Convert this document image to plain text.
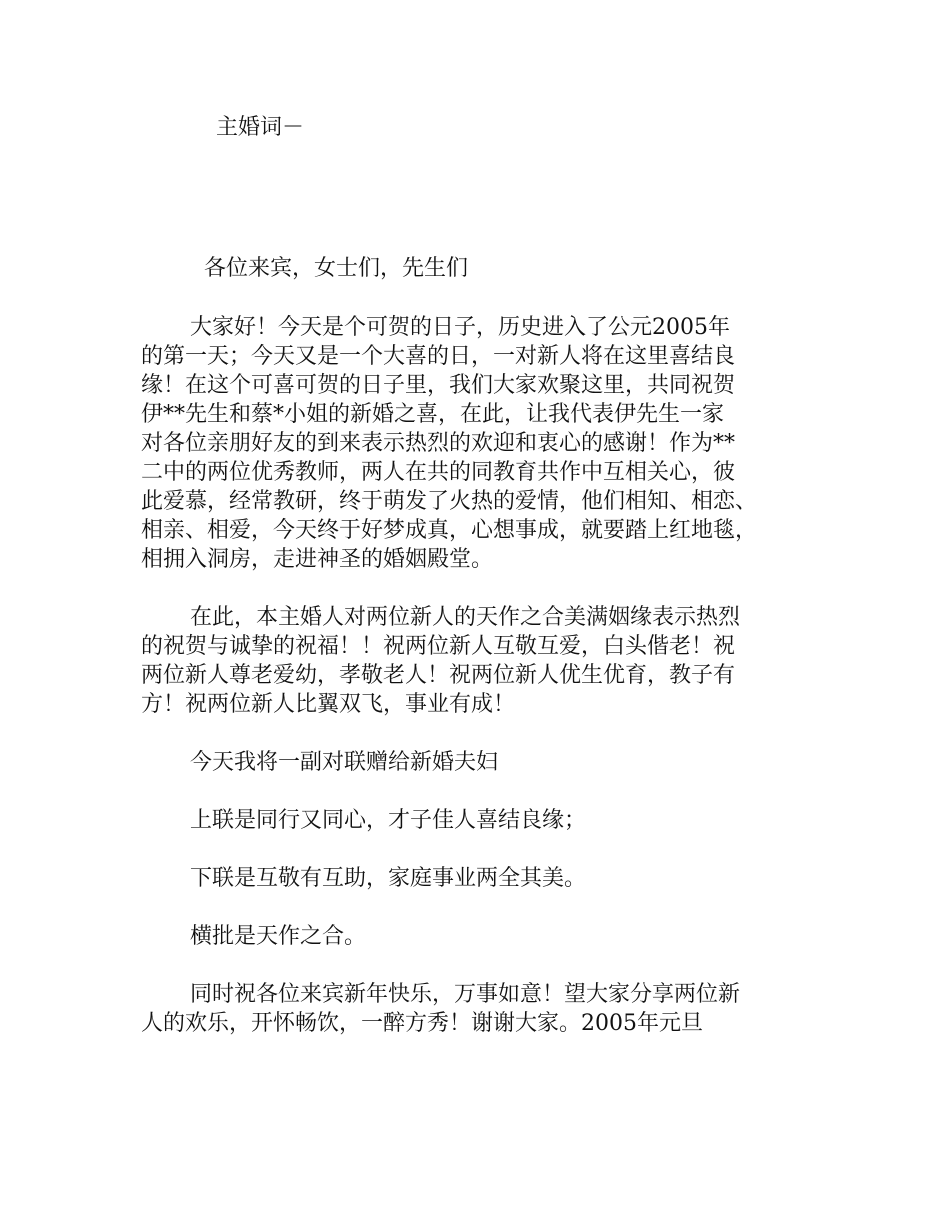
主婚词－

各位来宾，女士们，先生们

大家好！今天是个可贺的日子，历史进入了公元2005年
的第一天；今天又是一个大喜的日，一对新人将在这里喜结良
缘！在这个可喜可贺的日子里，我们大家欢聚这里，共同祝贺
伊**先生和蔡*小姐的新婚之喜，在此，让我代表伊先生一家
对各位亲朋好友的到来表示热烈的欢迎和衷心的感谢！作为**
二中的两位优秀教师，两人在共的同教育共作中互相关心，彼
此爱慕，经常教研，终于萌发了火热的爱情，他们相知、相恋、
相亲、相爱，今天终于好梦成真，心想事成，就要踏上红地毯，
相拥入洞房，走进神圣的婚姻殿堂。

在此，本主婚人对两位新人的天作之合美满姻缘表示热烈
的祝贺与诚挚的祝福！！祝两位新人互敬互爱，白头偕老！祝
两位新人尊老爱幼，孝敬老人！祝两位新人优生优育，教子有
方！祝两位新人比翼双飞，事业有成！

今天我将一副对联赠给新婚夫妇

上联是同行又同心，才子佳人喜结良缘；

下联是互敬有互助，家庭事业两全其美。

横批是天作之合。

同时祝各位来宾新年快乐，万事如意！望大家分享两位新
人的欢乐，开怀畅饮，一醉方秀！谢谢大家。2005年元旦
